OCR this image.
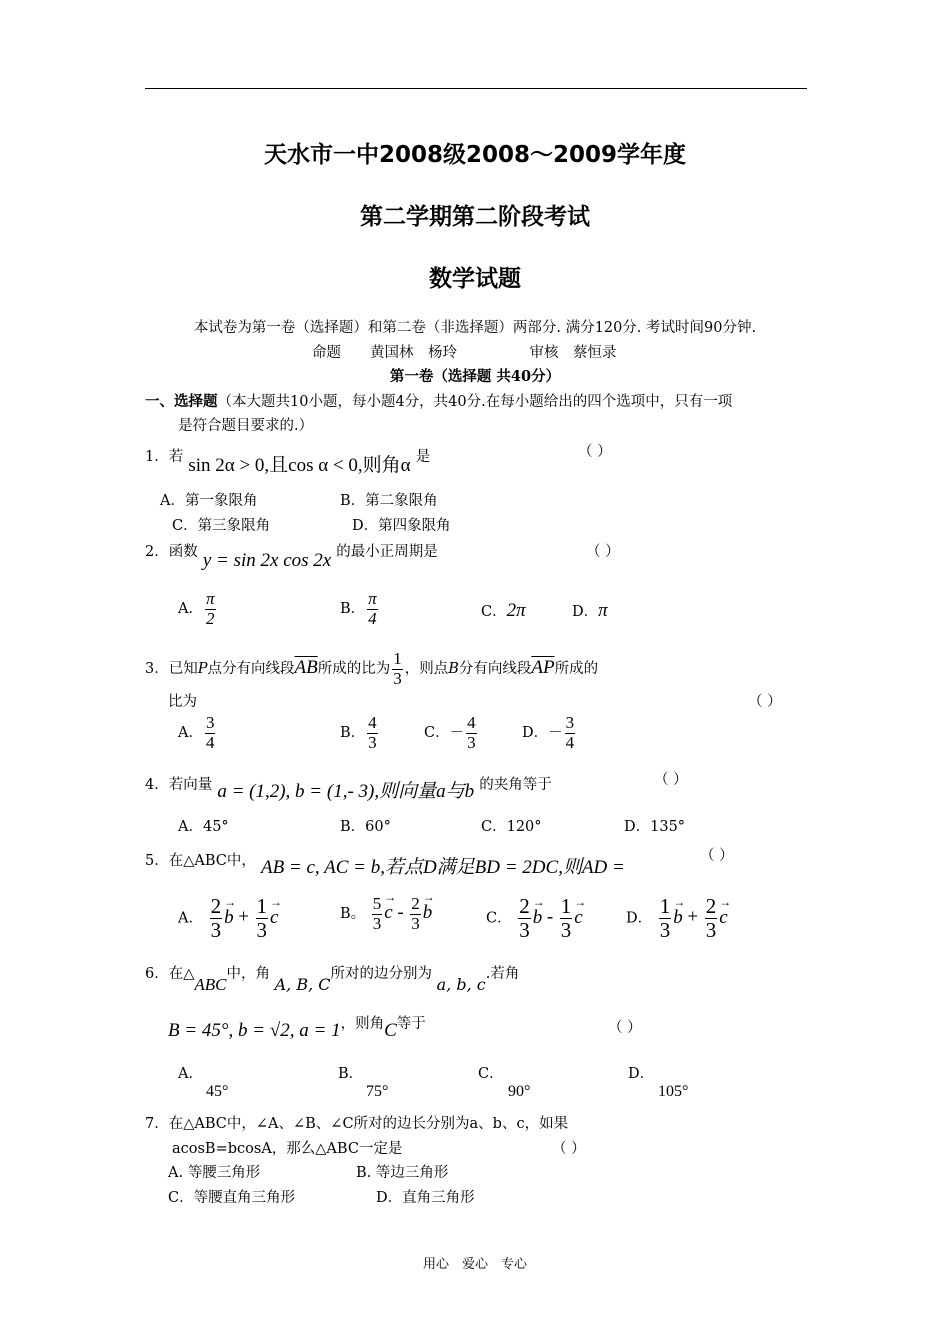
天水市一中2008级2008～2009学年度
第二学期第二阶段考试
数学试题
本试卷为第一卷（选择题）和第二卷（非选择题）两部分. 满分120分. 考试时间90分钟.
命题　　黄国林　杨玲　　　　　审核　蔡恒录
第一卷（选择题 共40分）
一、选择题（本大题共10小题，每小题4分，共40分.在每小题给出的四个选项中，只有一项
是符合题目要求的.）
1．若 sin 2α > 0,且cos α < 0,则角α 是	（ ）
A．第一象限角	B．第二象限角
C．第三象限角	D．第四象限角
2．函数 y = sin 2x cos 2x 的最小正周期是	（ ）
A． $\frac{\pi}{2}$	B． $\frac{\pi}{4}$	C．2π	D．π
3．已知P点分有向线段$\overline{AB}$所成的比为 $\frac{1}{3}$ ，则点B分有向线段$\overline{AP}$所成的
比为	（ ）
A． $\frac{3}{4}$	B． $\frac{4}{3}$	C．－ $\frac{4}{3}$	D．－ $\frac{3}{4}$
4．若向量 a = (1,2), b = (1,- 3),则向量a与b 的夹角等于	（ ）
A．45°	B．60°	C．120°	D．135°
5．在△ABC中， AB = c, AC = b,若点D满足BD = 2DC,则AD =
（ ）
A． $\frac{2}{3} \to b + \frac{1}{3} \to c$	B。 $\frac{5}{3} \to c - \frac{2}{3} \to b$	C． $\frac{2}{3} \to b - \frac{1}{3} \to c$	D． $\frac{1}{3} \to b + \frac{2}{3} \to c$
6．在△ABC中，角 A, B, C所对的边分别为 a, b, c.若角
B = 45°, b = √2, a = 1，则角C等于	（ ）
A．
45°
B．
75°
C．
90°
D．
105°
7．在△ABC中，∠A、∠B、∠C所对的边长分别为a、b、c，如果
acosB=bcosA，那么△ABC一定是	（ ）
A. 等腰三角形	B. 等边三角形
C．等腰直角三角形	D．直角三角形
用心　爱心　专心
